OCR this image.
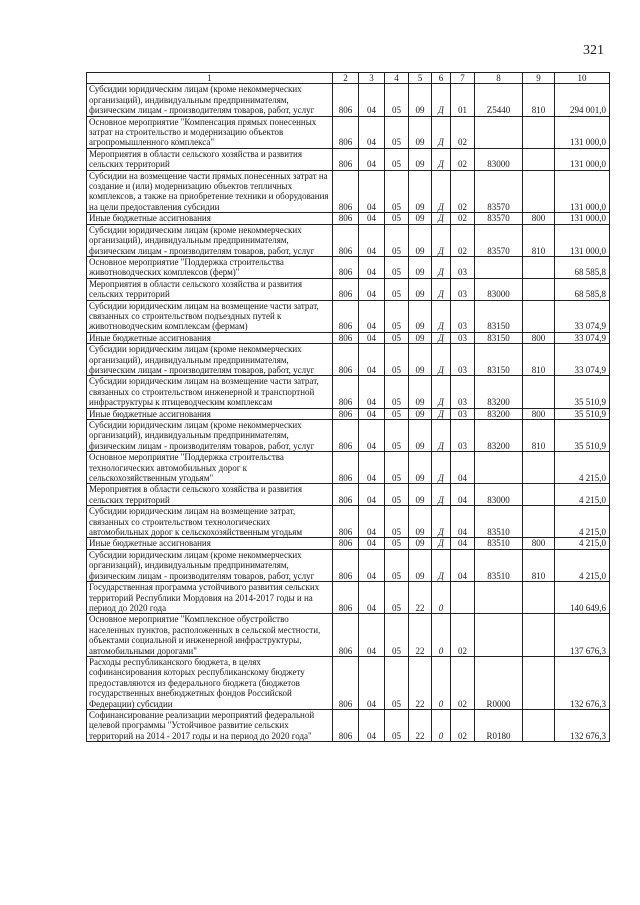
321
1	2	3	4	5	6	7	8	9	10
Субсидии юридическим лицам (кроме некоммерческих организаций), индивидуальным предпринимателям, физическим лицам - производителям товаров, работ, услуг	806	04	05	09	Д	01	Z5440	810	294 001,0
Основное мероприятие "Компенсация прямых понесенных затрат на строительство и модернизацию объектов агропромышленного комплекса"	806	04	05	09	Д	02			131 000,0
Мероприятия в области сельского хозяйства и развития сельских территорий	806	04	05	09	Д	02	83000		131 000,0
Субсидии на возмещение части прямых понесенных затрат на создание и (или) модернизацию объектов тепличных комплексов, а также на приобретение техники и оборудования на цели предоставления субсидии	806	04	05	09	Д	02	83570		131 000,0
Иные бюджетные ассигнования	806	04	05	09	Д	02	83570	800	131 000,0
Субсидии юридическим лицам (кроме некоммерческих организаций), индивидуальным предпринимателям, физическим лицам - производителям товаров, работ, услуг	806	04	05	09	Д	02	83570	810	131 000,0
Основное мероприятие "Поддержка строительства животноводческих комплексов (ферм)"	806	04	05	09	Д	03			68 585,8
Мероприятия в области сельского хозяйства и развития сельских территорий	806	04	05	09	Д	03	83000		68 585,8
Субсидии юридическим лицам на возмещение части затрат, связанных со строительством подъездных путей к животноводческим комплексам (фермам)	806	04	05	09	Д	03	83150		33 074,9
Иные бюджетные ассигнования	806	04	05	09	Д	03	83150	800	33 074,9
Субсидии юридическим лицам (кроме некоммерческих организаций), индивидуальным предпринимателям, физическим лицам - производителям товаров, работ, услуг	806	04	05	09	Д	03	83150	810	33 074,9
Субсидии юридическим лицам на возмещение части затрат, связанных со строительством инженерной и транспортной инфраструктуры к птицеводческим комплексам	806	04	05	09	Д	03	83200		35 510,9
Иные бюджетные ассигнования	806	04	05	09	Д	03	83200	800	35 510,9
Субсидии юридическим лицам (кроме некоммерческих организаций), индивидуальным предпринимателям, физическим лицам - производителям товаров, работ, услуг	806	04	05	09	Д	03	83200	810	35 510,9
Основное мероприятие "Поддержка строительства технологических автомобильных дорог к сельскохозяйственным угодьям"	806	04	05	09	Д	04			4 215,0
Мероприятия в области сельского хозяйства и развития сельских территорий	806	04	05	09	Д	04	83000		4 215,0
Субсидии юридическим лицам на возмещение затрат, связанных со строительством технологических автомобильных дорог к сельскохозяйственным угодьям	806	04	05	09	Д	04	83510		4 215,0
Иные бюджетные ассигнования	806	04	05	09	Д	04	83510	800	4 215,0
Субсидии юридическим лицам (кроме некоммерческих организаций), индивидуальным предпринимателям, физическим лицам - производителям товаров, работ, услуг	806	04	05	09	Д	04	83510	810	4 215,0
Государственная программа устойчивого развития сельских территорий Республики Мордовия на 2014-2017 годы и на период до 2020 года	806	04	05	22	0				140 649,6
Основное мероприятие "Комплексное обустройство населенных пунктов, расположенных в сельской местности, объектами социальной и инженерной инфраструктуры, автомобильными дорогами"	806	04	05	22	0	02			137 676,3
Расходы республиканского бюджета, в целях софинансирования которых республиканскому бюджету предоставляются из федерального бюджета (бюджетов государственных внебюджетных фондов Российской Федерации) субсидии	806	04	05	22	0	02	R0000		132 676,3
Софинансирование реализации мероприятий федеральной целевой программы "Устойчивое развитие сельских территорий на 2014 - 2017 годы и на период до 2020 года"	806	04	05	22	0	02	R0180		132 676,3
